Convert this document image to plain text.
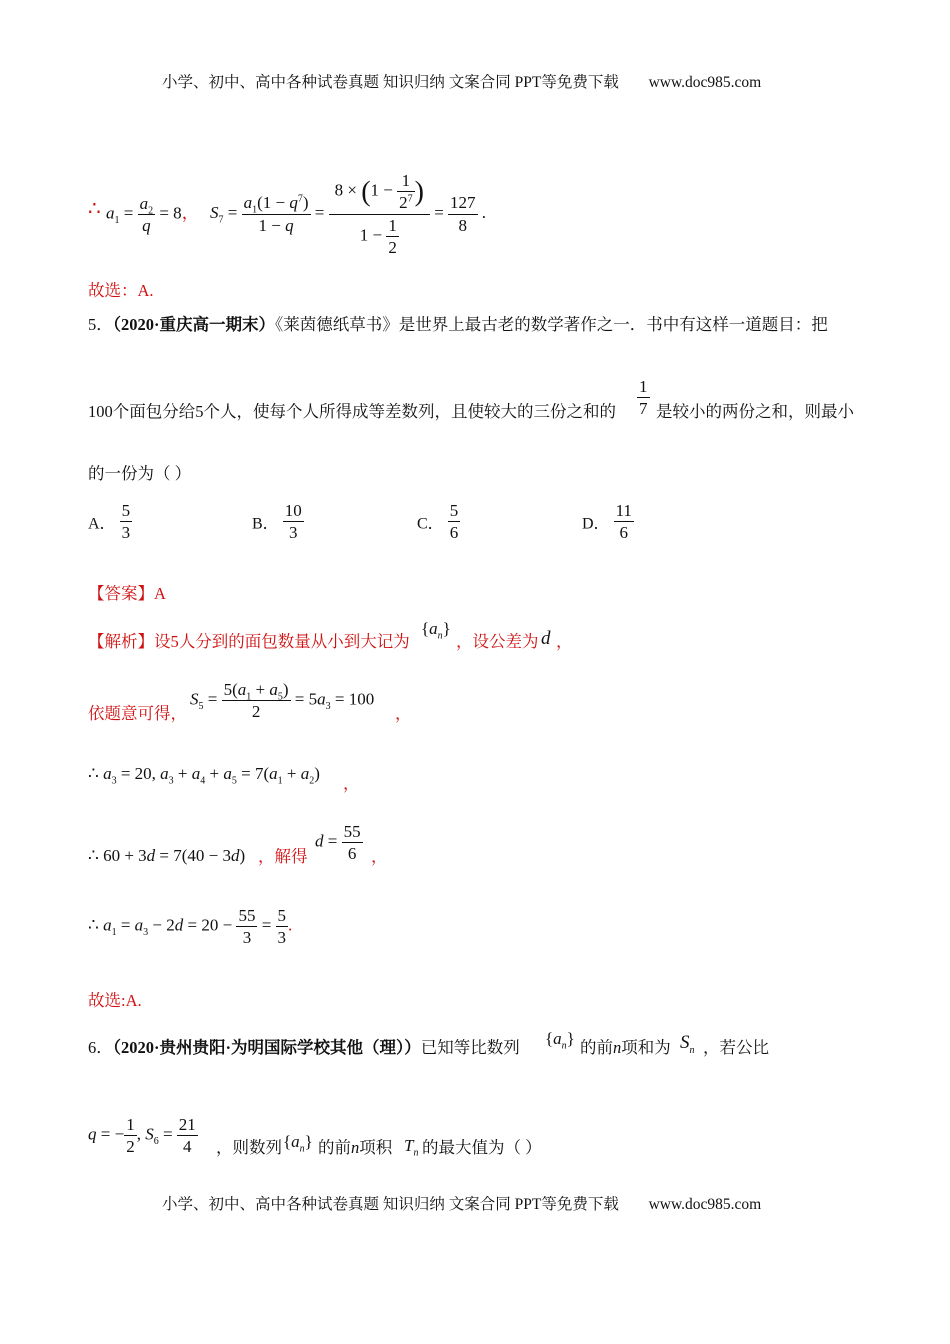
小学、初中、高中各种试卷真题 知识归纳 文案合同 PPT等免费下载 www.doc985.com
∴ $a_1 = \frac{a_2}{q} = 8$， $S_7 = \frac{a_1(1 - q^7)}{1 - q} = \frac{8 \times (1 - \frac{1}{2^7} )}{1 - \frac{1}{2}} = \frac{127}{8}$ .
故选：A.
5．（2020·重庆高一期末）《莱茵德纸草书》是世界上最古老的数学著作之一．书中有这样一道题目：把
100个面包分给5个人，使每个人所得成等差数列，且使较大的三份之和的 $\frac{1}{7}$ 是较小的两份之和，则最小
的一份为（ ）
A． $\frac{5}{3}$	B． $\frac{10}{3}$	C． $\frac{5}{6}$	D． $\frac{11}{6}$
【答案】A
【解析】设5人分到的面包数量从小到大记为
$\{a_n\}$
，设公差为 d ，
依题意可得，
$S_5 = \frac{5(a_1 + a_5)}{2} = 5a_3 = 100$
，
∴ $a_3 = 20$, $a_3 + a_4 + a_5 = 7(a_1 + a_2)$
，
∴ 60 + 3d = 7(40 − 3d) ，解得
$d = \frac{55}{6}$ ，
∴ $a_1 = a_3 - 2d = 20 - \frac{55}{3} = \frac{5}{3}$ .
故选:A.
6．（2020·贵州贵阳·为明国际学校其他（理））已知等比数列 $\{a_n\}$ 的前n项和为 $S_n$ ，若公比
q = − $\frac{1}{2}$ , $S_6 = \frac{21}{4}$ ，则数列 $\{a_n\}$ 的前n项积 $T_n$ 的最大值为（ ）
小学、初中、高中各种试卷真题 知识归纳 文案合同 PPT等免费下载 www.doc985.com
